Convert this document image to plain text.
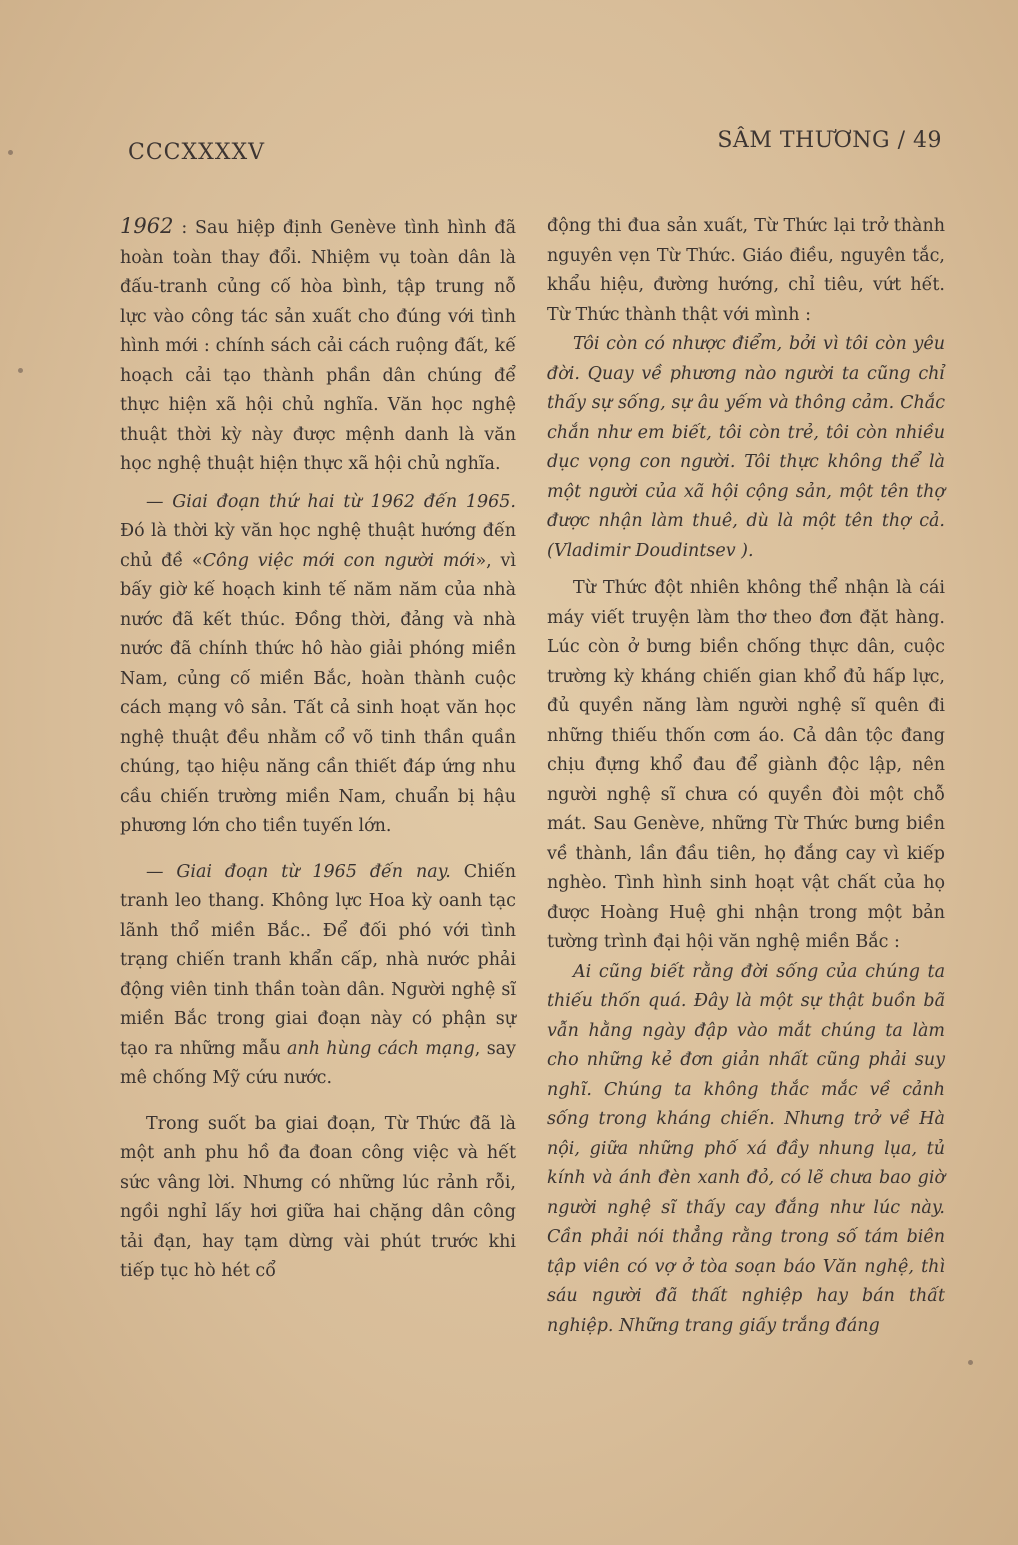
CCCXXXXV	SÂM THƯƠNG / 49

1962 : Sau hiệp định Genève tình hình đã hoàn toàn thay đổi. Nhiệm vụ toàn dân là đấu-tranh củng cố hòa bình, tập trung nỗ lực vào công tác sản xuất cho đúng với tình hình mới : chính sách cải cách ruộng đất, kế hoạch cải tạo thành phần dân chúng để thực hiện xã hội chủ nghĩa. Văn học nghệ thuật thời kỳ này được mệnh danh là văn học nghệ thuật hiện thực xã hội chủ nghĩa.

— Giai đoạn thứ hai từ 1962 đến 1965. Đó là thời kỳ văn học nghệ thuật hướng đến chủ đề «Công việc mới con người mới», vì bấy giờ kế hoạch kinh tế năm năm của nhà nước đã kết thúc. Đồng thời, đảng và nhà nước đã chính thức hô hào giải phóng miền Nam, củng cố miền Bắc, hoàn thành cuộc cách mạng vô sản. Tất cả sinh hoạt văn học nghệ thuật đều nhằm cổ võ tinh thần quần chúng, tạo hiệu năng cần thiết đáp ứng nhu cầu chiến trường miền Nam, chuẩn bị hậu phương lớn cho tiền tuyến lớn.

— Giai đoạn từ 1965 đến nay. Chiến tranh leo thang. Không lực Hoa kỳ oanh tạc lãnh thổ miền Bắc.. Để đối phó với tình trạng chiến tranh khẩn cấp, nhà nước phải động viên tinh thần toàn dân. Người nghệ sĩ miền Bắc trong giai đoạn này có phận sự tạo ra những mẫu anh hùng cách mạng, say mê chống Mỹ cứu nước.

Trong suốt ba giai đoạn, Từ Thức đã là một anh phu hồ đa đoan công việc và hết sức vâng lời. Nhưng có những lúc rảnh rỗi, ngồi nghỉ lấy hơi giữa hai chặng dân công tải đạn, hay tạm dừng vài phút trước khi tiếp tục hò hét cổ

động thi đua sản xuất, Từ Thức lại trở thành nguyên vẹn Từ Thức. Giáo điều, nguyên tắc, khẩu hiệu, đường hướng, chỉ tiêu, vứt hết. Từ Thức thành thật với mình :

Tôi còn có nhược điểm, bởi vì tôi còn yêu đời. Quay về phương nào người ta cũng chỉ thấy sự sống, sự âu yếm và thông cảm. Chắc chắn như em biết, tôi còn trẻ, tôi còn nhiều dục vọng con người. Tôi thực không thể là một người của xã hội cộng sản, một tên thợ được nhận làm thuê, dù là một tên thợ cả. (Vladimir Doudintsev ).

Từ Thức đột nhiên không thể nhận là cái máy viết truyện làm thơ theo đơn đặt hàng. Lúc còn ở bưng biền chống thực dân, cuộc trường kỳ kháng chiến gian khổ đủ hấp lực, đủ quyền năng làm người nghệ sĩ quên đi những thiếu thốn cơm áo. Cả dân tộc đang chịu đựng khổ đau để giành độc lập, nên người nghệ sĩ chưa có quyền đòi một chỗ mát. Sau Genève, những Từ Thức bưng biền về thành, lần đầu tiên, họ đắng cay vì kiếp nghèo. Tình hình sinh hoạt vật chất của họ được Hoàng Huệ ghi nhận trong một bản tường trình đại hội văn nghệ miền Bắc :

Ai cũng biết rằng đời sống của chúng ta thiếu thốn quá. Đây là một sự thật buồn bã vẫn hằng ngày đập vào mắt chúng ta làm cho những kẻ đơn giản nhất cũng phải suy nghĩ. Chúng ta không thắc mắc về cảnh sống trong kháng chiến. Nhưng trở về Hà nội, giữa những phố xá đầy nhung lụa, tủ kính và ánh đèn xanh đỏ, có lẽ chưa bao giờ người nghệ sĩ thấy cay đắng như lúc này. Cần phải nói thẳng rằng trong số tám biên tập viên có vợ ở tòa soạn báo Văn nghệ, thì sáu người đã thất nghiệp hay bán thất nghiệp. Những trang giấy trắng đáng
